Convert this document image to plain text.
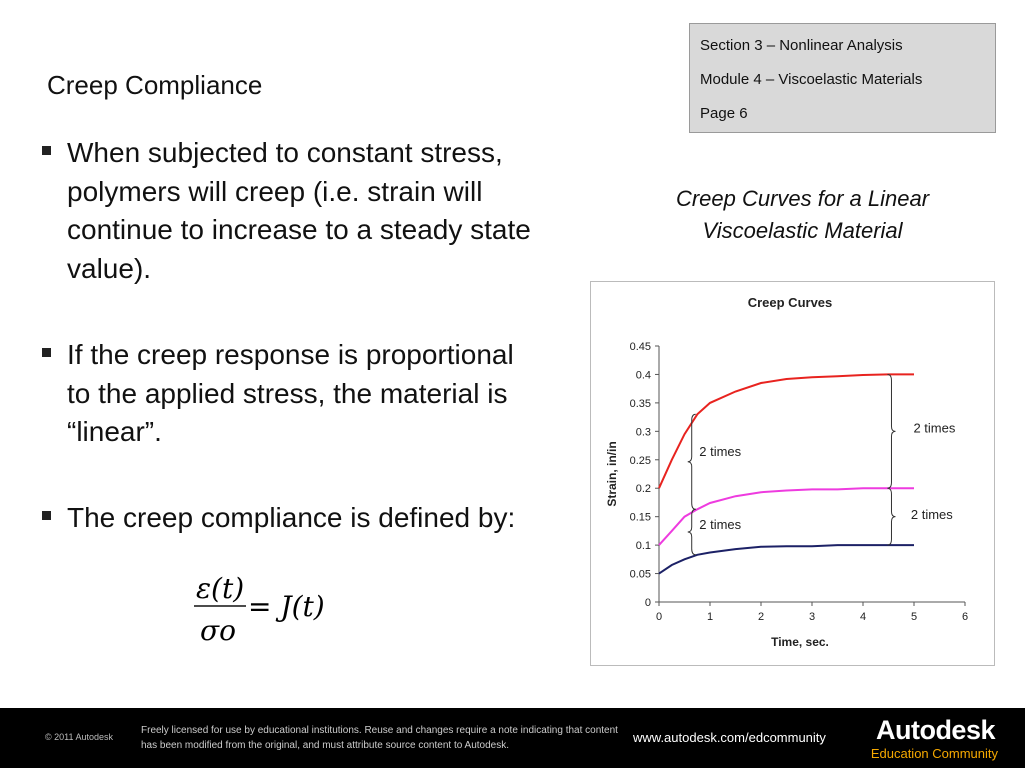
Creep Compliance
Section 3 – Nonlinear Analysis
Module 4 – Viscoelastic Materials
Page 6
When subjected to constant stress, polymers will creep (i.e. strain will continue to increase to a steady state value).
If the creep response is proportional to the applied stress, the material is “linear”.
The creep compliance is defined by:
ε(t)
σo
= J(t)
Creep Curves for a Linear Viscoelastic Material
Creep Curves
0
0.05
0.1
0.15
0.2
0.25
0.3
0.35
0.4
0.45
0	1	2	3	4	5	6
Time, sec.
Strain, in/in	2 times
2 times
2 times
2 times
© 2011 Autodesk
Freely licensed for use by educational institutions. Reuse and changes require a note indicating that content has been modified from the original, and must attribute source content to Autodesk.
www.autodesk.com/edcommunity Autodesk
Education Community
